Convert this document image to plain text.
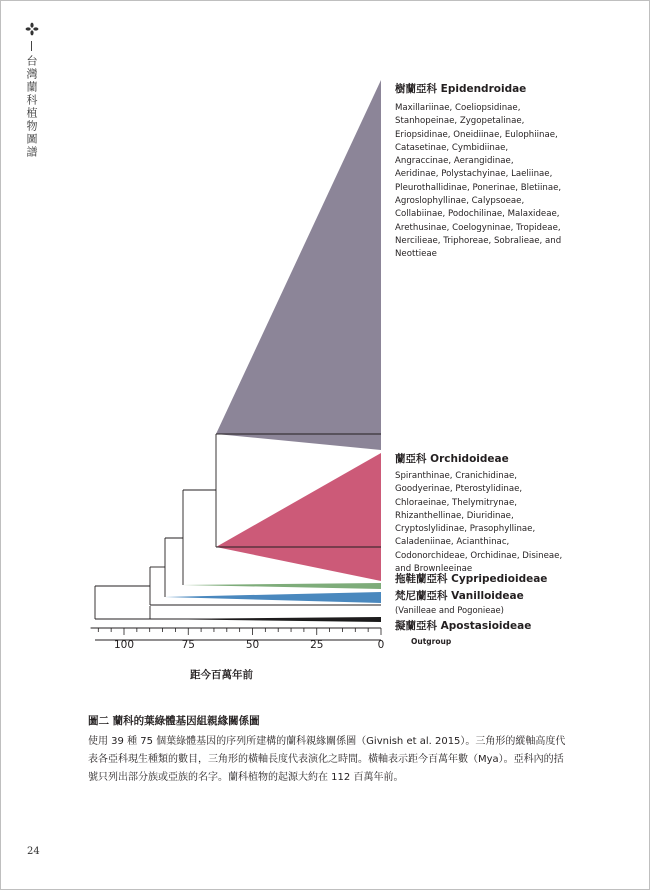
台灣蘭科植物圖譜
100	75	50	25	0
樹蘭亞科 Epidendroidae
Maxillariinae, Coeliopsidinae,
Stanhopeinae, Zygopetalinae,
Eriopsidinae, Oneidiinae, Eulophiinae,
Catasetinae, Cymbidiinae,
Angraccinae, Aerangidinae,
Aeridinae, Polystachyinae, Laeliinae,
Pleurothallidinae, Ponerinae, Bletiinae,
Agroslophyllinae, Calypsoeae,
Collabiinae, Podochilinae, Malaxideae,
Arethusinae, Coelogyninae, Tropideae,
Nercilieae, Triphoreae, Sobralieae, and
Neottieae
蘭亞科 Orchidoideae
Spiranthinae, Cranichidinae,
Goodyerinae, Pterostylidinae,
Chloraeinae, Thelymitrynae,
Rhizanthellinae, Diuridinae,
Cryptoslylidinae, Prasophyllinae,
Caladeniinae, Acianthinac,
Codonorchideae, Orchidinae, Disineae,
and Brownleeinae
拖鞋蘭亞科 Cypripedioideae
梵尼蘭亞科 Vanilloideae
(Vanilleae and Pogonieae)
擬蘭亞科 Apostasioideae
Outgroup
距今百萬年前
圖二 蘭科的葉綠體基因組親緣關係圖
使用 39 種 75 個葉綠體基因的序列所建構的蘭科親緣關係圖（Givnish et al. 2015）。三角形的縱軸高度代表各亞科現生種類的數目，三角形的橫軸長度代表演化之時間。橫軸表示距今百萬年數（Mya）。亞科內的括號只列出部分族或亞族的名字。蘭科植物的起源大約在 112 百萬年前。
24
